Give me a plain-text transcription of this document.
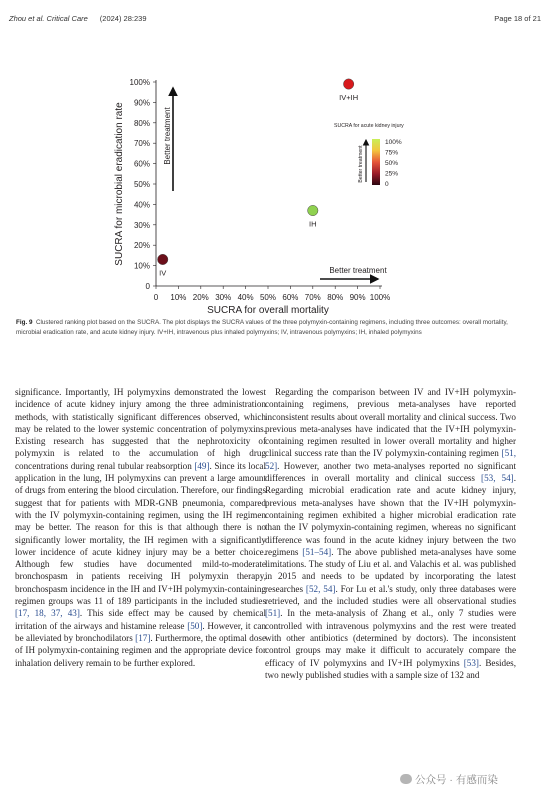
Zhou et al. Critical Care (2024) 28:239	Page 18 of 21
0
10%
20%
30%
40%
50%
60%
70%
80%
90%
100%
0 10% 20% 30% 40% 50% 60% 70% 80% 90% 100%
SUCRA for overall mortality
SUCRA for microbial eradication rate	Better treatment
Better treatment
IV+IH
IH
IV
SUCRA for acute kidney injury
Better treatment
100%
75%
50%
25%
0
Fig. 9 Clustered ranking plot based on the SUCRA. The plot displays the SUCRA values of the three polymyxin-containing regimens, including three outcomes: overall mortality, microbial eradication rate, and acute kidney injury. IV+IH, intravenous plus inhaled polymyxins; IV, intravenous polymyxins; IH, inhaled polymyxins
significance. Importantly, IH polymyxins demonstrated the lowest incidence of acute kidney injury among the three administration methods, with statistically significant differences observed, which may be related to the lower systemic concentration of polymyxins. Existing research has suggested that the nephrotoxicity of polymyxin is related to the accumulation of high drug concentrations during renal tubular reabsorption [49]. Since its local application in the lung, IH polymyxins can prevent a large amount of drugs from entering the blood circulation. Therefore, our findings suggest that for patients with MDR-GNB pneumonia, compared with the IV polymyxin-containing regimen, using the IH regimen may be better. The reason for this is that although there is no significantly lower mortality, the IH regimen with a significantly lower incidence of acute kidney injury may be a better choice. Although few studies have documented mild-to-moderate bronchospasm in patients receiving IH polymyxin therapy, bronchospasm incidence in the IH and IV+IH polymyxin-containing regimen groups was 11 of 189 participants in the included studies [17, 18, 37, 43]. This side effect may be caused by chemical irritation of the airways and histamine release [50]. However, it can be alleviated by bronchodilators [17]. Furthermore, the optimal dose of IH polymyxin-containing regimen and the appropriate device for inhalation delivery remain to be further explored.
Regarding the comparison between IV and IV+IH polymyxin-containing regimens, previous meta-analyses have reported inconsistent results about overall mortality and clinical success. Two previous meta-analyses have indicated that the IV+IH polymyxin-containing regimen resulted in lower overall mortality and higher clinical success rate than the IV polymyxin-containing regimen [51, 52]. However, another two meta-analyses reported no significant differences in overall mortality and clinical success [53, 54]. Regarding microbial eradication rate and acute kidney injury, previous meta-analyses have shown that the IV+IH polymyxin-containing regimen exhibited a higher microbial eradication rate than the IV polymyxin-containing regimen, whereas no significant difference was found in the acute kidney injury between the two regimens [51–54]. The above published meta-analyses have some limitations. The study of Liu et al. and Valachis et al. was published in 2015 and needs to be updated by incorporating the latest researches [52, 54]. For Lu et al.'s study, only three databases were retrieved, and the included studies were all observational studies [51]. In the meta-analysis of Zhang et al., only 7 studies were controlled with intravenous polymyxins and the rest were treated with other antibiotics (determined by doctors). The inconsistent control groups may make it difficult to accurately compare the efficacy of IV polymyxins and IV+IH polymyxins [53]. Besides, two newly published studies with a sample size of 132 and
公众号 · 有感而染
